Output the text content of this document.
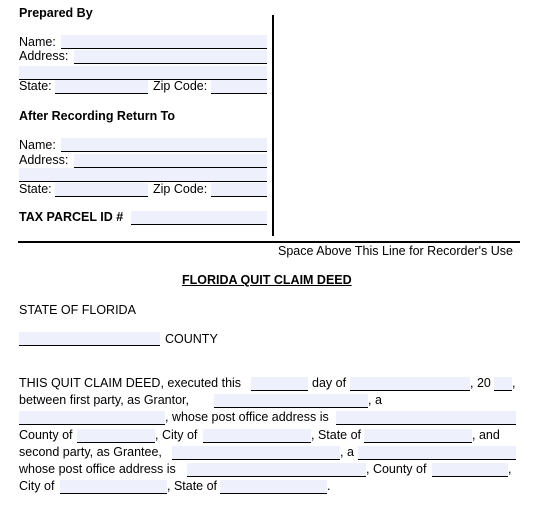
Prepared By
Name:
Address:
State:	Zip Code:
After Recording Return To
Name:
Address:
State:	Zip Code:
TAX PARCEL ID #
Space Above This Line for Recorder's Use
FLORIDA QUIT CLAIM DEED
STATE OF FLORIDA
COUNTY
THIS QUIT CLAIM DEED, executed this	day of	, 20 ,
between first party, as Grantor,	, a
, whose post office address is
County of	, City of	, State of	, and
second party, as Grantee,	, a
whose post office address is	, County of	,
City of	, State of	.
